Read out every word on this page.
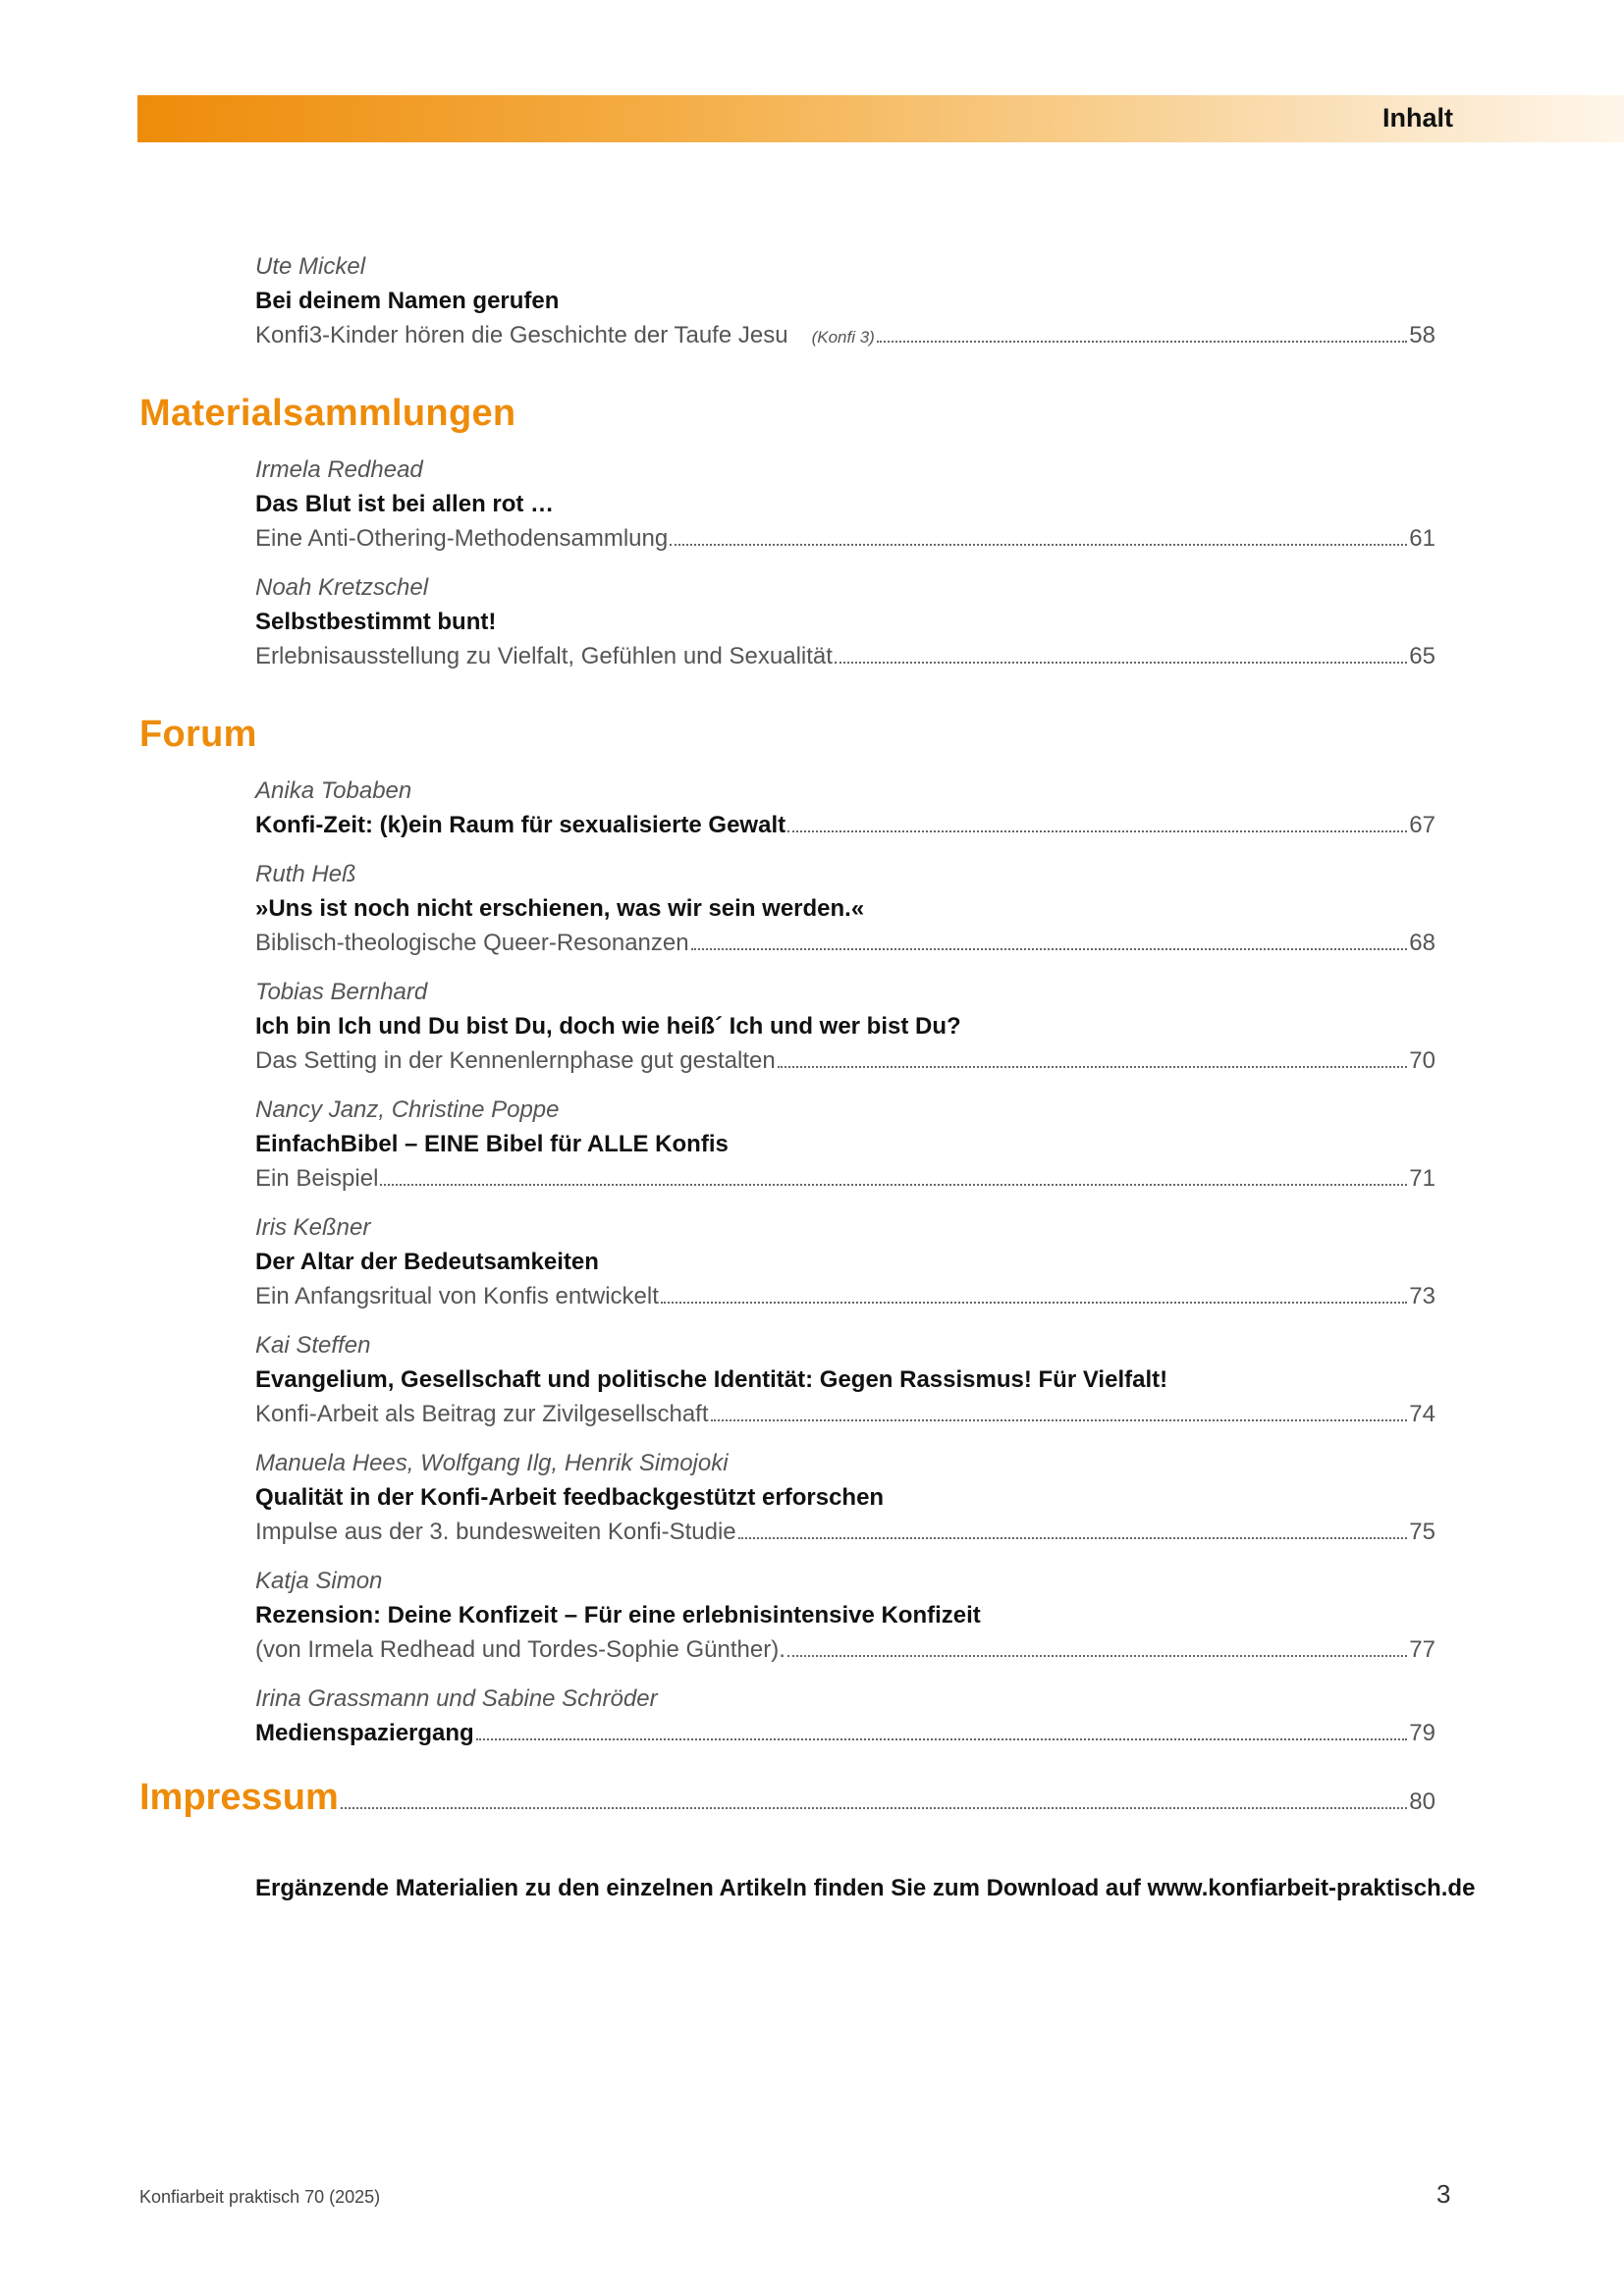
Inhalt
Ute Mickel
Bei deinem Namen gerufen
Konfi3-Kinder hören die Geschichte der Taufe Jesu (Konfi 3)	58
Materialsammlungen
Irmela Redhead
Das Blut ist bei allen rot …
Eine Anti-Othering-Methodensammlung	61
Noah Kretzschel
Selbstbestimmt bunt!
Erlebnisausstellung zu Vielfalt, Gefühlen und Sexualität	65
Forum
Anika Tobaben
Konfi-Zeit: (k)ein Raum für sexualisierte Gewalt	67
Ruth Heß
»Uns ist noch nicht erschienen, was wir sein werden.«
Biblisch-theologische Queer-Resonanzen	68
Tobias Bernhard
Ich bin Ich und Du bist Du, doch wie heiß´ Ich und wer bist Du?
Das Setting in der Kennenlernphase gut gestalten	70
Nancy Janz, Christine Poppe
EinfachBibel – EINE Bibel für ALLE Konfis
Ein Beispiel	71
Iris Keßner
Der Altar der Bedeutsamkeiten
Ein Anfangsritual von Konfis entwickelt	73
Kai Steffen
Evangelium, Gesellschaft und politische Identität: Gegen Rassismus! Für Vielfalt!
Konfi-Arbeit als Beitrag zur Zivilgesellschaft	74
Manuela Hees, Wolfgang Ilg, Henrik Simojoki
Qualität in der Konfi-Arbeit feedbackgestützt erforschen
Impulse aus der 3. bundesweiten Konfi-Studie	75
Katja Simon
Rezension: Deine Konfizeit – Für eine erlebnisintensive Konfizeit
(von Irmela Redhead und Tordes-Sophie Günther).	77
Irina Grassmann und Sabine Schröder
Medienspaziergang	79
Impressum	80
Ergänzende Materialien zu den einzelnen Artikeln finden Sie zum Download auf www.konfiarbeit-praktisch.de
Konfiarbeit praktisch 70 (2025)	3
